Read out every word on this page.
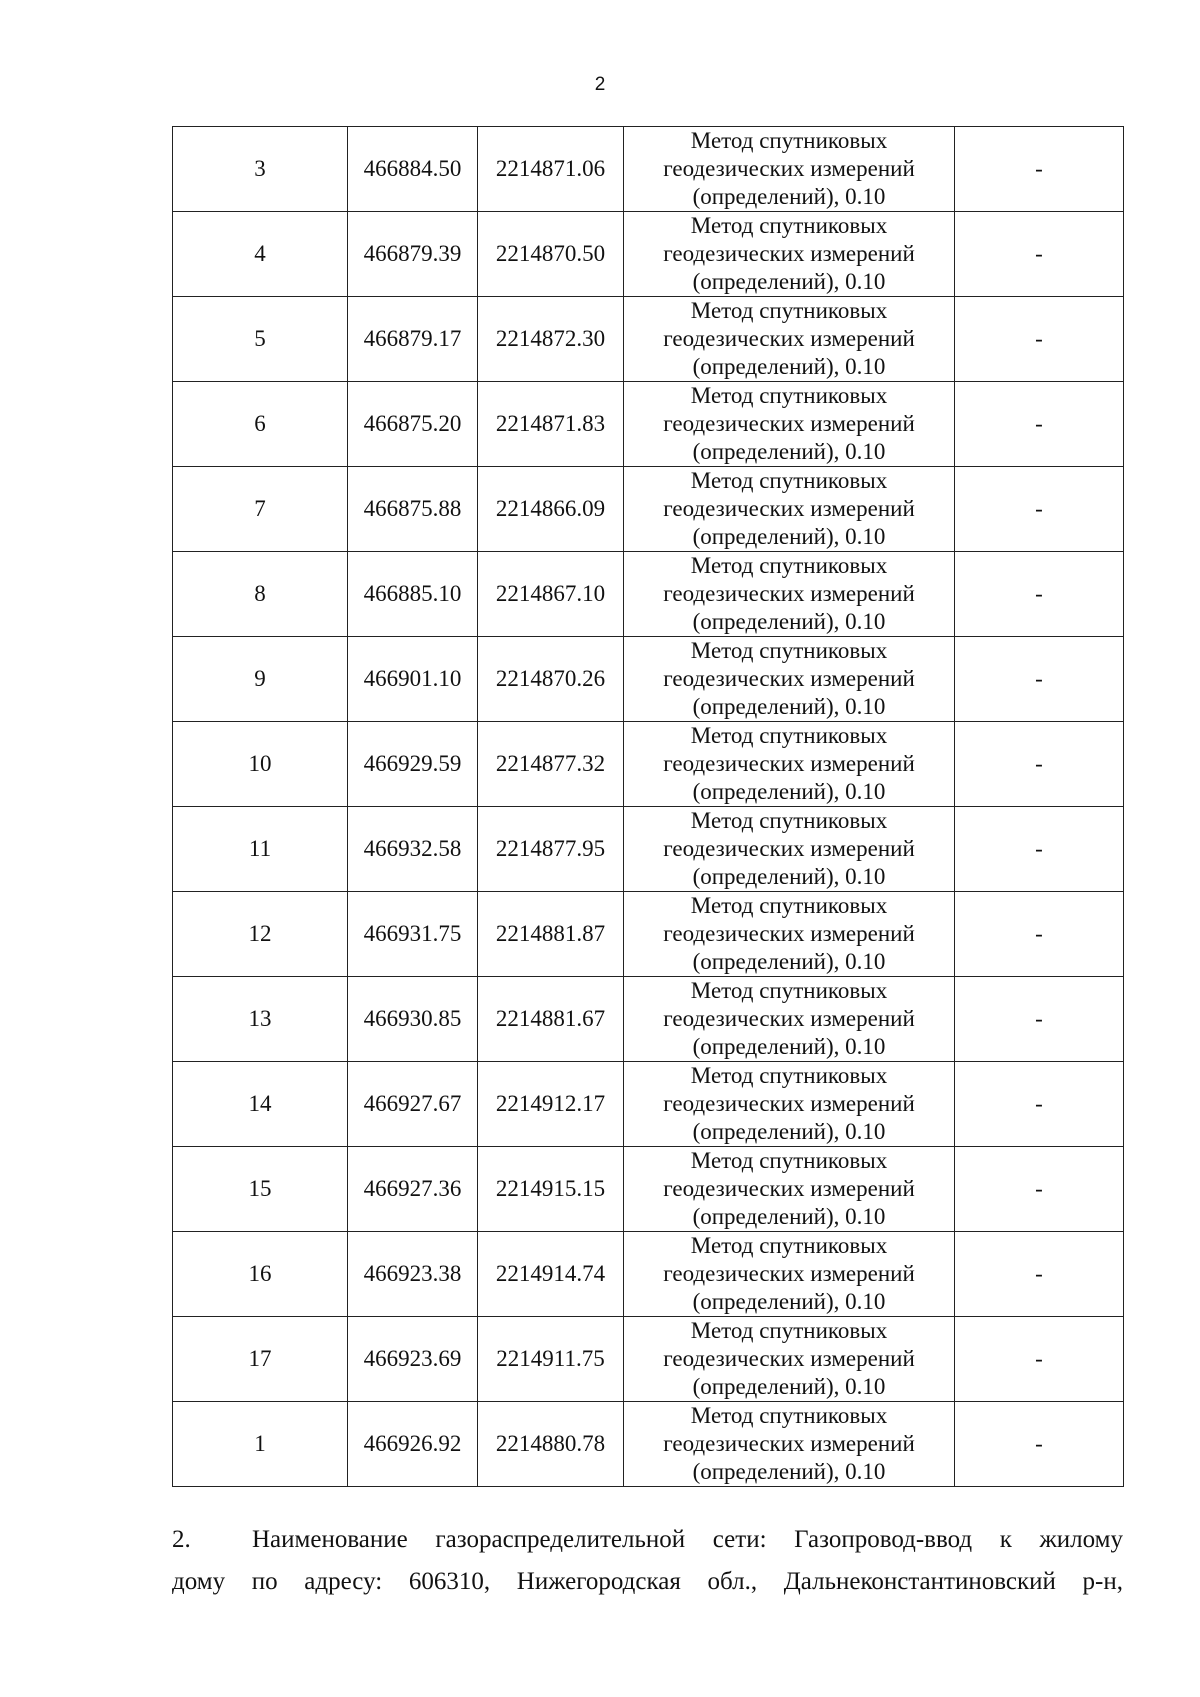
2
3	466884.50	2214871.06	Метод спутниковых
геодезических измерений
(определений), 0.10	-
4	466879.39	2214870.50	Метод спутниковых
геодезических измерений
(определений), 0.10	-
5	466879.17	2214872.30	Метод спутниковых
геодезических измерений
(определений), 0.10	-
6	466875.20	2214871.83	Метод спутниковых
геодезических измерений
(определений), 0.10	-
7	466875.88	2214866.09	Метод спутниковых
геодезических измерений
(определений), 0.10	-
8	466885.10	2214867.10	Метод спутниковых
геодезических измерений
(определений), 0.10	-
9	466901.10	2214870.26	Метод спутниковых
геодезических измерений
(определений), 0.10	-
10	466929.59	2214877.32	Метод спутниковых
геодезических измерений
(определений), 0.10	-
11	466932.58	2214877.95	Метод спутниковых
геодезических измерений
(определений), 0.10	-
12	466931.75	2214881.87	Метод спутниковых
геодезических измерений
(определений), 0.10	-
13	466930.85	2214881.67	Метод спутниковых
геодезических измерений
(определений), 0.10	-
14	466927.67	2214912.17	Метод спутниковых
геодезических измерений
(определений), 0.10	-
15	466927.36	2214915.15	Метод спутниковых
геодезических измерений
(определений), 0.10	-
16	466923.38	2214914.74	Метод спутниковых
геодезических измерений
(определений), 0.10	-
17	466923.69	2214911.75	Метод спутниковых
геодезических измерений
(определений), 0.10	-
1	466926.92	2214880.78	Метод спутниковых
геодезических измерений
(определений), 0.10	-
2. Наименование газораспределительной сети: Газопровод-ввод к жилому
дому по адресу: 606310, Нижегородская обл., Дальнеконстантиновский р-н,
